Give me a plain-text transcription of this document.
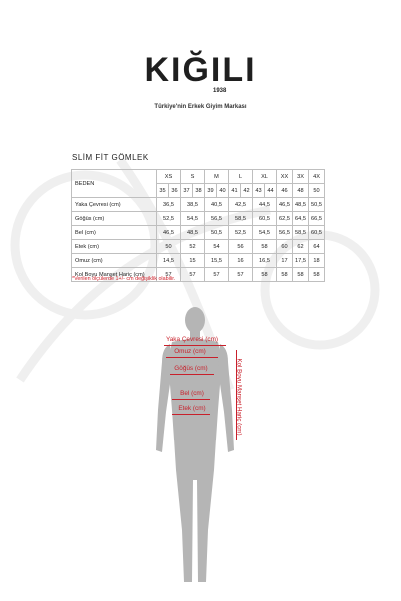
KIĞILI
1938
Türkiye'nin Erkek Giyim Markası
SLİM FİT GÖMLEK
BEDEN	XS		S		M		L		XL		XX	3X	4X
	35	36	37	38	39	40	41	42	43	44	46	48	50
Yaka Çevresi (cm)	36,5		38,5		40,5		42,5		44,5		46,5	48,5	50,5
Göğüs (cm)	52,5		54,5		56,5		58,5		60,5		62,5	64,5	66,5
Bel (cm)	46,5		48,5		50,5		52,5		54,5		56,5	58,5	60,5
Etek (cm)	50		52		54		56		58		60	62	64
Omuz (cm)	14,5		15		15,5		16		16,5		17	17,5	18
Kol Boyu Manşet Hariç (cm)	57		57		57		57		58		58	58	58
*Verilen ölçülerde 1+/- cm değişiklik olabilir.
Yaka Çevresi (cm)
Omuz (cm)
Göğüs (cm)
Bel (cm)
Etek (cm)	Kol Boyu Manşet Hariç (cm)
